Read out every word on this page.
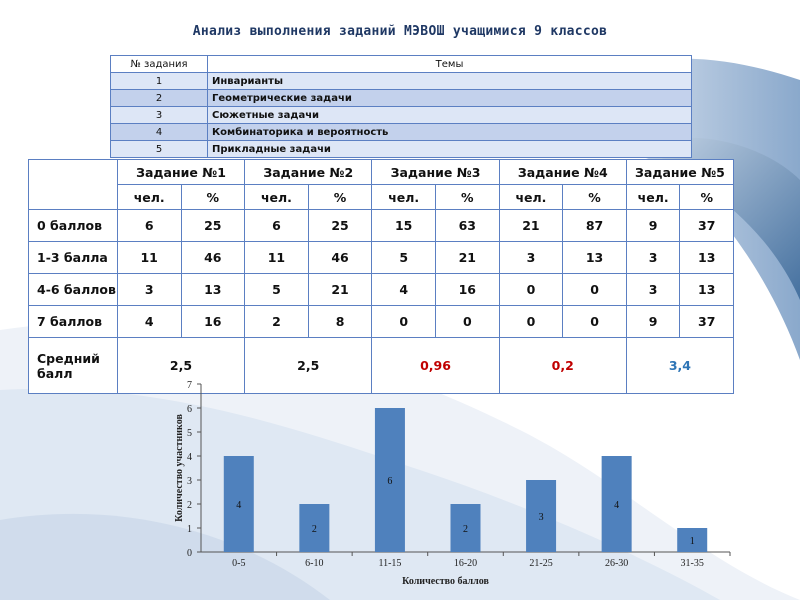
Анализ выполнения заданий МЭВОШ учащимися 9 классов
№ задания	Темы
1	Инварианты
2	Геометрические задачи
3	Сюжетные задачи
4	Комбинаторика и вероятность
5	Прикладные задачи
	Задание №1		Задание №2		Задание №3		Задание №4		Задание №5	
	чел.	%	чел.	%	чел.	%	чел.	%	чел.	%
0 баллов	6	25	6	25	15	63	21	87	9	37
1-3 балла	11	46	11	46	5	21	3	13	3	13
4-6 баллов	3	13	5	21	4	16	0	0	3	13
7 баллов	4	16	2	8	0	0	0	0	9	37
Средний
балл	2,5		2,5		0,96		0,2		3,4	
0
1
2
3
4
5
6
7
4
0-5
2
6-10
6
11-15
2
16-20
3
21-25
4
26-30
1
31-35
Количество баллов
Количество участников
